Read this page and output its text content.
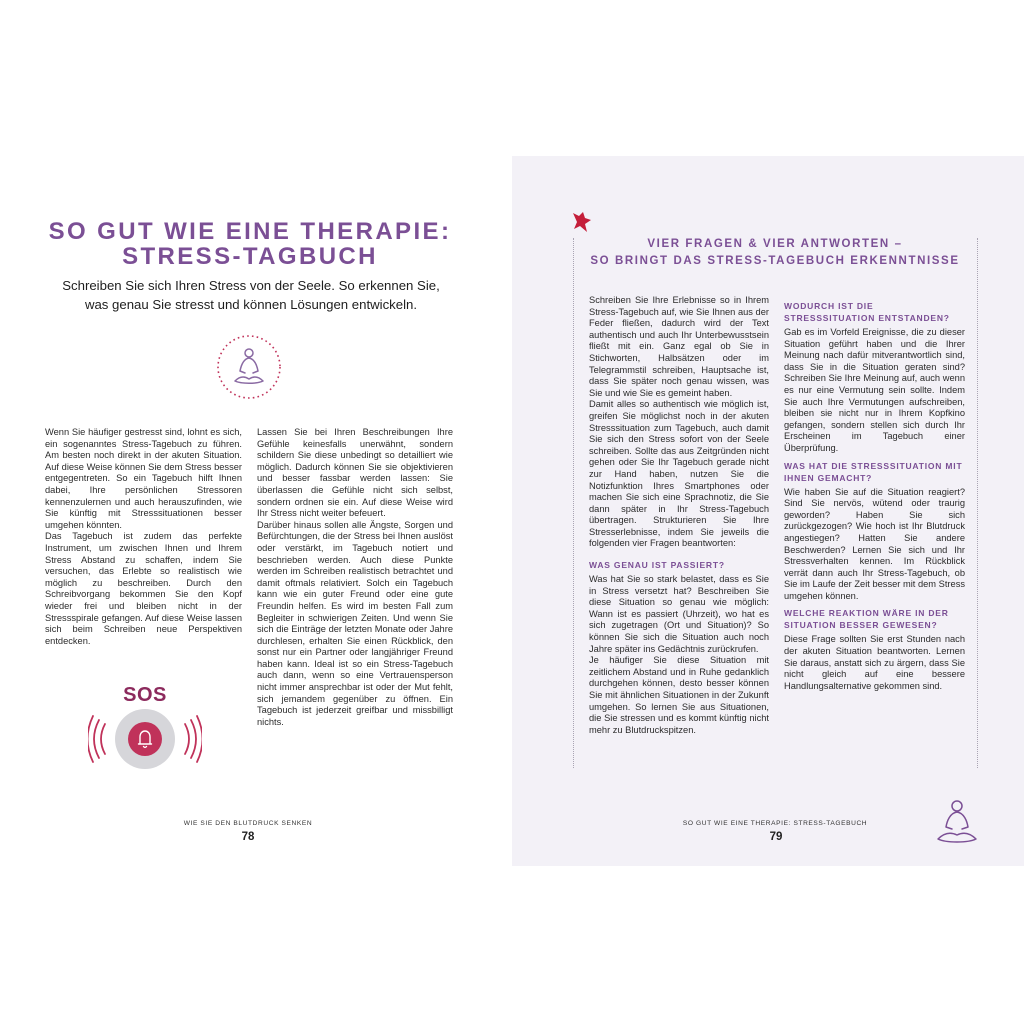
SO GUT WIE EINE THERAPIE:
STRESS-TAGBUCH
Schreiben Sie sich Ihren Stress von der Seele. So erkennen Sie,
was genau Sie stresst und können Lösungen entwickeln.

Wenn Sie häufiger gestresst sind, lohnt es sich, ein sogenanntes Stress-Tagebuch zu führen. Am besten noch direkt in der akuten Situation. Auf diese Weise können Sie dem Stress besser entgegentreten. So ein Tagebuch hilft Ihnen dabei, Ihre persönlichen Stressoren kennenzulernen und auch herauszufinden, wie Sie künftig mit Stresssituationen besser umgehen könnten.

Das Tagebuch ist zudem das perfekte Instrument, um zwischen Ihnen und Ihrem Stress Abstand zu schaffen, indem Sie versuchen, das Erlebte so realistisch wie möglich zu beschreiben. Durch den Schreibvorgang bekommen Sie den Kopf wieder frei und bleiben nicht in der Stressspirale gefangen. Auf diese Weise lassen sich beim Schreiben neue Perspektiven entdecken.

Lassen Sie bei Ihren Beschreibungen Ihre Gefühle keinesfalls unerwähnt, sondern schildern Sie diese unbedingt so detailliert wie möglich. Dadurch können Sie sie objektivieren und besser fassbar werden lassen: Sie überlassen die Gefühle nicht sich selbst, sondern ordnen sie ein. Auf diese Weise wird Ihr Stress nicht weiter befeuert.

Darüber hinaus sollen alle Ängste, Sorgen und Befürchtungen, die der Stress bei Ihnen auslöst oder verstärkt, im Tagebuch notiert und beschrieben werden. Auch diese Punkte werden im Schreiben realistisch betrachtet und damit oftmals relativiert. Solch ein Tagebuch kann wie ein guter Freund oder eine gute Freundin helfen. Es wird im besten Fall zum Begleiter in schwierigen Zeiten. Und wenn Sie sich die Einträge der letzten Monate oder Jahre durchlesen, erhalten Sie einen Rückblick, den sonst nur ein Partner oder langjähriger Freund haben kann. Ideal ist so ein Stress-Tagebuch auch dann, wenn so eine Vertrauensperson nicht immer ansprechbar ist oder der Mut fehlt, sich jemandem gegenüber zu öffnen. Ein Tagebuch ist jederzeit greifbar und missbilligt nichts.

SOS
WIE SIE DEN BLUTDRUCK SENKEN
78
VIER FRAGEN & VIER ANTWORTEN –
SO BRINGT DAS STRESS-TAGEBUCH ERKENNTNISSE

Schreiben Sie Ihre Erlebnisse so in Ihrem Stress-Tagebuch auf, wie Sie Ihnen aus der Feder fließen, dadurch wird der Text authentisch und auch Ihr Unterbewusstsein fließt mit ein. Ganz egal ob Sie in Stichworten, Halbsätzen oder im Telegrammstil schreiben, Hauptsache ist, dass Sie später noch genau wissen, was Sie und wie Sie es gemeint haben.

Damit alles so authentisch wie möglich ist, greifen Sie möglichst noch in der akuten Stresssituation zum Tagebuch, auch damit Sie sich den Stress sofort von der Seele schreiben. Sollte das aus Zeitgründen nicht gehen oder Sie Ihr Tagebuch gerade nicht zur Hand haben, nutzen Sie die Notizfunktion Ihres Smartphones oder machen Sie sich eine Sprachnotiz, die Sie dann später in Ihr Stress-Tagebuch übertragen. Strukturieren Sie Ihre Stresserlebnisse, indem Sie jeweils die folgenden vier Fragen beantworten:

WAS GENAU IST PASSIERT?

Was hat Sie so stark belastet, dass es Sie in Stress versetzt hat? Beschreiben Sie diese Situation so genau wie möglich: Wann ist es passiert (Uhrzeit), wo hat es sich zugetragen (Ort und Situation)? So können Sie sich die Situation auch noch Jahre später ins Gedächtnis zurückrufen.

Je häufiger Sie diese Situation mit zeitlichem Abstand und in Ruhe gedanklich durchgehen können, desto besser können Sie mit ähnlichen Situationen in der Zukunft umgehen. So lernen Sie aus Situationen, die Sie stressen und es kommt künftig nicht mehr zu Blutdruckspitzen.

WODURCH IST DIE
STRESSSITUATION ENTSTANDEN?

Gab es im Vorfeld Ereignisse, die zu dieser Situation geführt haben und die Ihrer Meinung nach dafür mitverantwortlich sind, dass Sie in die Situation geraten sind? Schreiben Sie Ihre Meinung auf, auch wenn es nur eine Vermutung sein sollte. Indem Sie auch Ihre Vermutungen aufschreiben, bleiben sie nicht nur in Ihrem Kopfkino gefangen, sondern stellen sich durch Ihr Erscheinen im Tagebuch einer Überprüfung.

WAS HAT DIE STRESSSITUATION MIT IHNEN GEMACHT?

Wie haben Sie auf die Situation reagiert? Sind Sie nervös, wütend oder traurig geworden? Haben Sie sich zurückgezogen? Wie hoch ist Ihr Blutdruck angestiegen? Hatten Sie andere Beschwerden? Lernen Sie sich und Ihr Stressverhalten kennen. Im Rückblick verrät dann auch Ihr Stress-Tagebuch, ob Sie im Laufe der Zeit besser mit dem Stress umgehen können.

WELCHE REAKTION WÄRE IN DER SITUATION BESSER GEWESEN?

Diese Frage sollten Sie erst Stunden nach der akuten Situation beantworten. Lernen Sie daraus, anstatt sich zu ärgern, dass Sie nicht gleich auf eine bessere Handlungsalternative gekommen sind.

SO GUT WIE EINE THERAPIE: STRESS-TAGEBUCH
79
